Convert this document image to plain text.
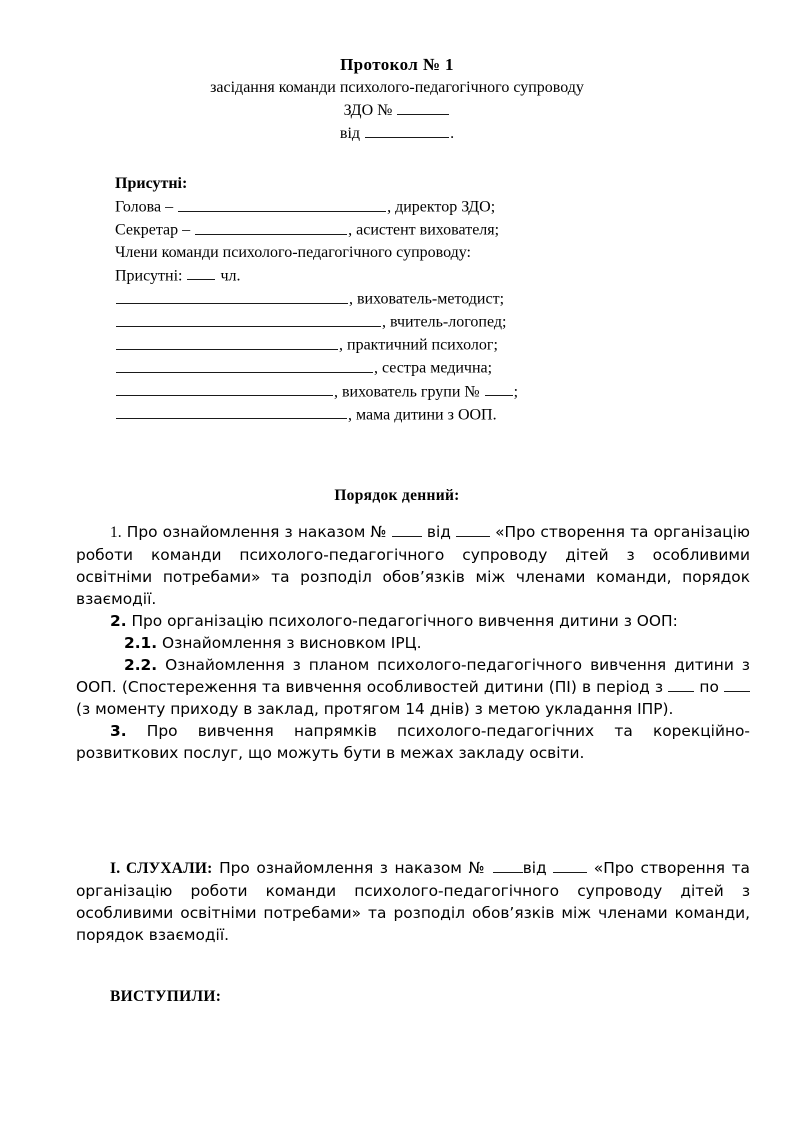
Протокол № 1
засідання команди психолого-педагогічного супроводу
ЗДО №
від	.
Присутні:
Голова –	, директор ЗДО;
Секретар –	, асистент вихователя;
Члени команди психолого-педагогічного супроводу:
Присутні:  чл.
, вихователь-методист;
, вчитель-логопед;
, практичний психолог;
, сестра медична;
, вихователь групи № ;
, мама дитини з ООП.
Порядок денний:

1. Про ознайомлення з наказом №  від  «Про створення та організацію роботи команди психолого-педагогічного супроводу дітей з особливими освітніми потребами» та розподіл обов’язків між членами команди, порядок взаємодії.

2. Про організацію психолого-педагогічного вивчення дитини з ООП:

2.1. Ознайомлення з висновком ІРЦ.

2.2. Ознайомлення з планом психолого-педагогічного вивчення дитини з ООП. (Спостереження та вивчення особливостей дитини (ПІ) в період з  по  (з моменту приходу в заклад, протягом 14 днів) з метою укладання ІПР).

3. Про вивчення напрямків психолого-педагогічних та корекційно-розвиткових послуг, що можуть бути в межах закладу освіти.

I. СЛУХАЛИ: Про ознайомлення з наказом № від  «Про створення та організацію роботи команди психолого-педагогічного супроводу дітей з особливими освітніми потребами» та розподіл обов’язків між членами команди, порядок взаємодії.

ВИСТУПИЛИ:
